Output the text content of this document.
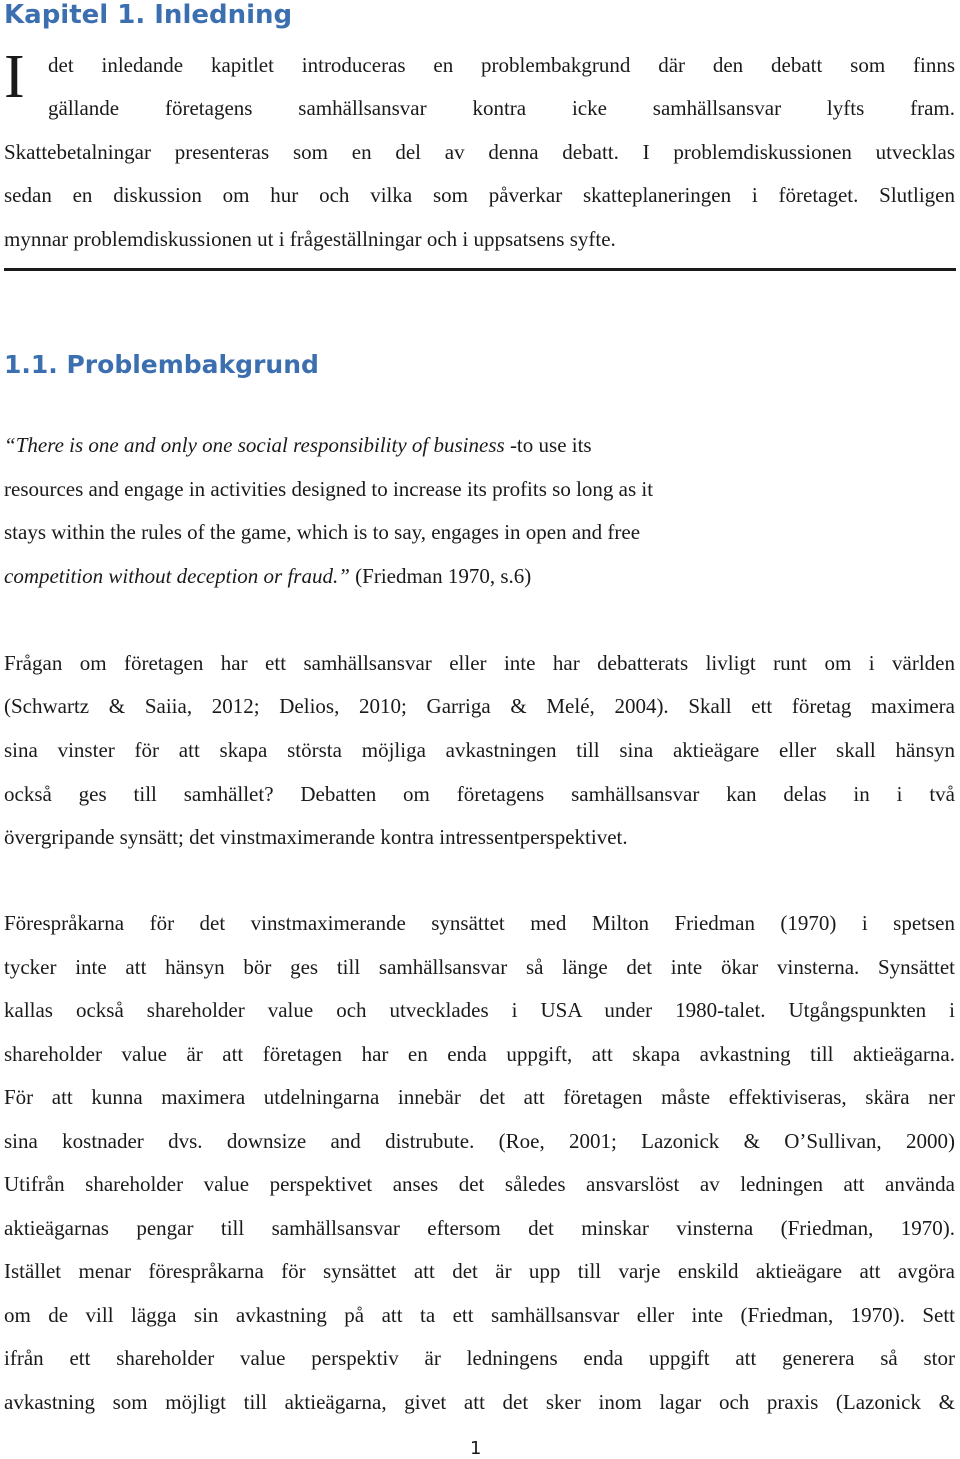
Kapitel 1. Inledning
I det inledande kapitlet introduceras en problembakgrund där den debatt som finns
gällande företagens samhällsansvar kontra icke samhällsansvar lyfts fram.
Skattebetalningar presenteras som en del av denna debatt. I problemdiskussionen utvecklas
sedan en diskussion om hur och vilka som påverkar skatteplaneringen i företaget. Slutligen
mynnar problemdiskussionen ut i frågeställningar och i uppsatsens syfte.
1.1. Problembakgrund
“There is one and only one social responsibility of business -to use its
resources and engage in activities designed to increase its profits so long as it
stays within the rules of the game, which is to say, engages in open and free
competition without deception or fraud.” (Friedman 1970, s.6)
Frågan om företagen har ett samhällsansvar eller inte har debatterats livligt runt om i världen
(Schwartz & Saiia, 2012; Delios, 2010; Garriga & Melé, 2004). Skall ett företag maximera
sina vinster för att skapa största möjliga avkastningen till sina aktieägare eller skall hänsyn
också ges till samhället? Debatten om företagens samhällsansvar kan delas in i två
övergripande synsätt; det vinstmaximerande kontra intressentperspektivet.
Förespråkarna för det vinstmaximerande synsättet med Milton Friedman (1970) i spetsen
tycker inte att hänsyn bör ges till samhällsansvar så länge det inte ökar vinsterna. Synsättet
kallas också shareholder value och utvecklades i USA under 1980-talet. Utgångspunkten i
shareholder value är att företagen har en enda uppgift, att skapa avkastning till aktieägarna.
För att kunna maximera utdelningarna innebär det att företagen måste effektiviseras, skära ner
sina kostnader dvs. downsize and distrubute. (Roe, 2001; Lazonick & O’Sullivan, 2000)
Utifrån shareholder value perspektivet anses det således ansvarslöst av ledningen att använda
aktieägarnas pengar till samhällsansvar eftersom det minskar vinsterna (Friedman, 1970).
Istället menar förespråkarna för synsättet att det är upp till varje enskild aktieägare att avgöra
om de vill lägga sin avkastning på att ta ett samhällsansvar eller inte (Friedman, 1970). Sett
ifrån ett shareholder value perspektiv är ledningens enda uppgift att generera så stor
avkastning som möjligt till aktieägarna, givet att det sker inom lagar och praxis (Lazonick &
1
